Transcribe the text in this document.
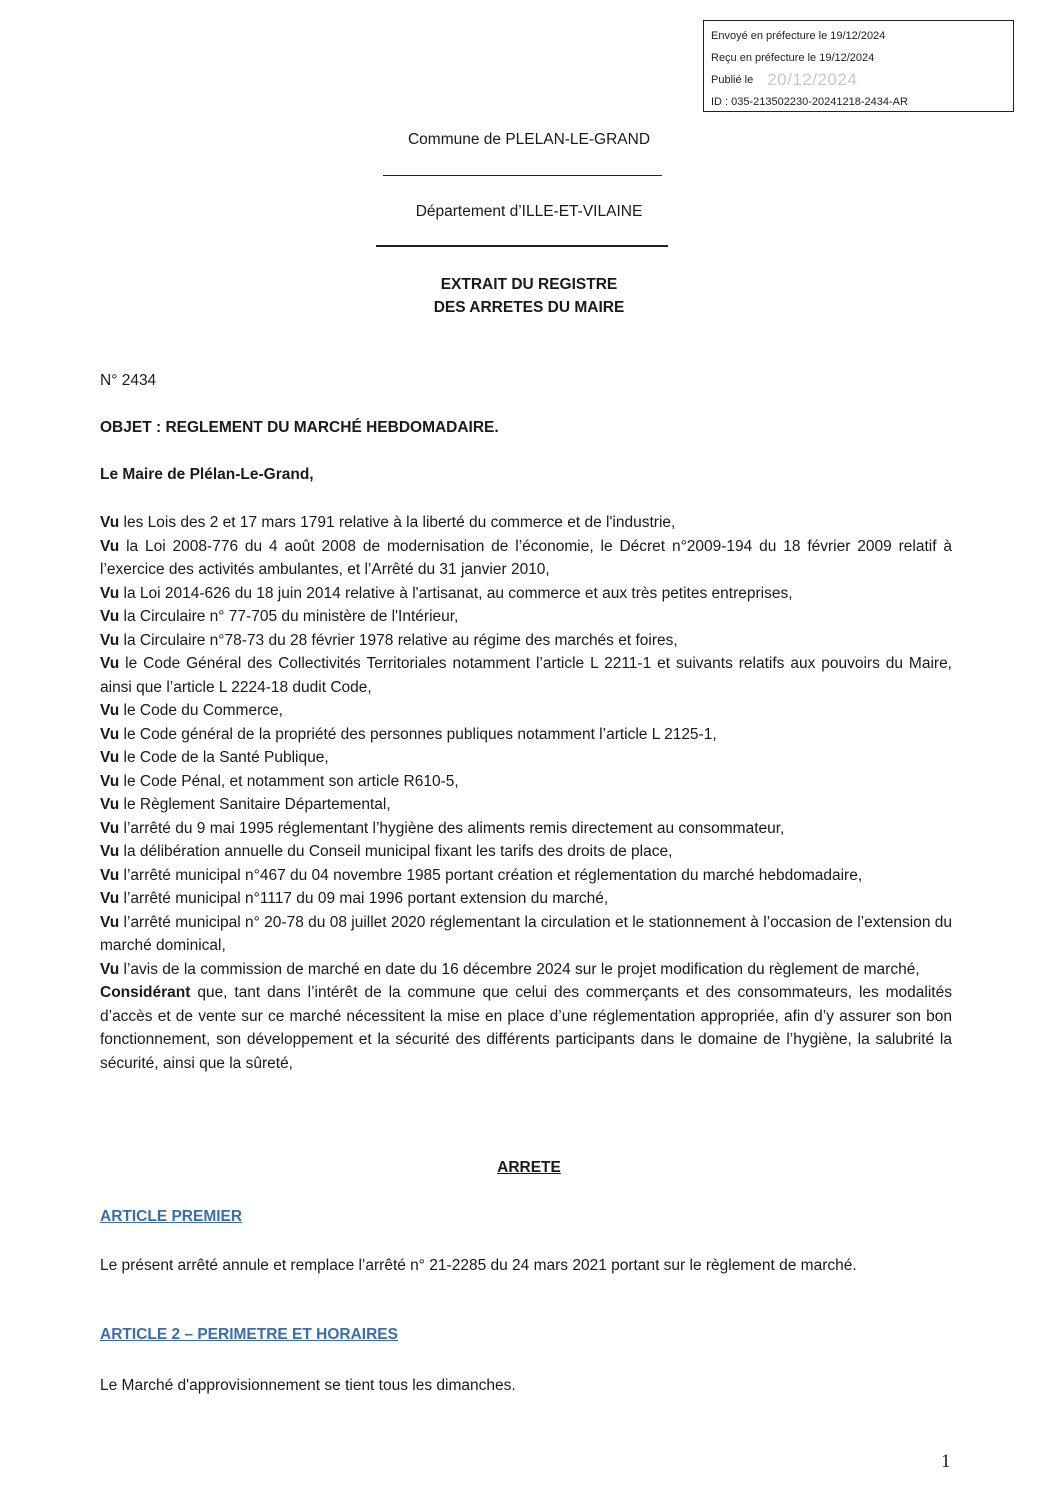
Envoyé en préfecture le 19/12/2024
Reçu en préfecture le 19/12/2024
Publié le 20/12/2024
ID : 035-213502230-20241218-2434-AR
Commune de PLELAN-LE-GRAND
Département d’ILLE-ET-VILAINE
EXTRAIT DU REGISTRE
DES ARRETES DU MAIRE
N° 2434
OBJET : REGLEMENT DU MARCHÉ HEBDOMADAIRE.
Le Maire de Plélan-Le-Grand,

Vu les Lois des 2 et 17 mars 1791 relative à la liberté du commerce et de l'industrie,

Vu la Loi 2008-776 du 4 août 2008 de modernisation de l’économie, le Décret n°2009-194 du 18 février 2009 relatif à l’exercice des activités ambulantes, et l’Arrêté du 31 janvier 2010,

Vu la Loi 2014-626 du 18 juin 2014 relative à l'artisanat, au commerce et aux très petites entreprises,

Vu la Circulaire n° 77-705 du ministère de l'Intérieur,

Vu la Circulaire n°78-73 du 28 février 1978 relative au régime des marchés et foires,

Vu le Code Général des Collectivités Territoriales notamment l’article L 2211-1 et suivants relatifs aux pouvoirs du Maire, ainsi que l’article L 2224-18 dudit Code,

Vu le Code du Commerce,

Vu le Code général de la propriété des personnes publiques notamment l’article L 2125-1,

Vu le Code de la Santé Publique,

Vu le Code Pénal, et notamment son article R610-5,

Vu le Règlement Sanitaire Départemental,

Vu l’arrêté du 9 mai 1995 réglementant l’hygiène des aliments remis directement au consommateur,

Vu la délibération annuelle du Conseil municipal fixant les tarifs des droits de place,

Vu l’arrêté municipal n°467 du 04 novembre 1985 portant création et réglementation du marché hebdomadaire,

Vu l’arrêté municipal n°1117 du 09 mai 1996 portant extension du marché,

Vu l’arrêté municipal n° 20-78 du 08 juillet 2020 réglementant la circulation et le stationnement à l’occasion de l’extension du marché dominical,

Vu l’avis de la commission de marché en date du 16 décembre 2024 sur le projet modification du règlement de marché,

Considérant que, tant dans l’intérêt de la commune que celui des commerçants et des consommateurs, les modalités d’accès et de vente sur ce marché nécessitent la mise en place d’une réglementation appropriée, afin d’y assurer son bon fonctionnement, son développement et la sécurité des différents participants dans le domaine de l’hygiène, la salubrité la sécurité, ainsi que la sûreté,

ARRETE
ARTICLE PREMIER

Le présent arrêté annule et remplace l’arrêté n° 21-2285 du 24 mars 2021 portant sur le règlement de marché.

ARTICLE 2 – PERIMETRE ET HORAIRES

Le Marché d'approvisionnement se tient tous les dimanches.

1
